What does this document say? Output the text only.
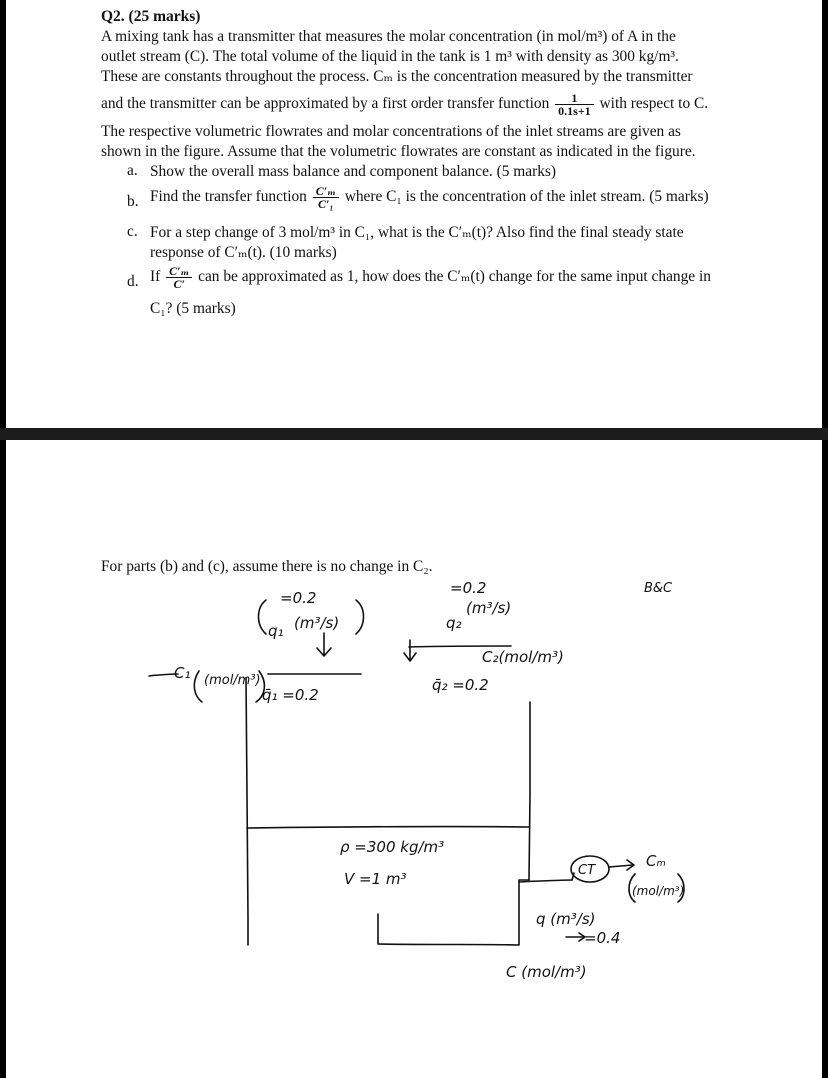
Q2. (25 marks)
A mixing tank has a transmitter that measures the molar concentration (in mol/m³) of A in the
outlet stream (C). The total volume of the liquid in the tank is 1 m³ with density as 300 kg/m³.
These are constants throughout the process. Cₘ is the concentration measured by the transmitter
and the transmitter can be approximated by a first order transfer function $\frac{1}{0.1s+1}$ with respect to C.
The respective volumetric flowrates and molar concentrations of the inlet streams are given as
shown in the figure. Assume that the volumetric flowrates are constant as indicated in the figure.
a. Show the overall mass balance and component balance. (5 marks)
b. Find the transfer function $\frac{\text{C′ₘ}}{\text{C′₁}}$ where C₁ is the concentration of the inlet stream. (5 marks)
c. For a step change of 3 mol/m³ in C₁, what is the C′ₘ(t)? Also find the final steady state
response of C′ₘ(t). (10 marks)
d. If $\frac{\text{C′ₘ}}{C'}$ can be approximated as 1, how does the C′ₘ(t) change for the same input change in
C₁? (5 marks)
For parts (b) and (c), assume there is no change in C₂.
=0.2
q₁ (m³/s)
C₁ (mol/m³)
q̄₁ =0.2
=0.2
q₂
(m³/s)
C₂(mol/m³)
q̄₂ =0.2
ρ =300 kg/m³
V =1 m³	CT
Cₘ
(mol/m³)
q (m³/s)
=0.4
C (mol/m³)
B&C
